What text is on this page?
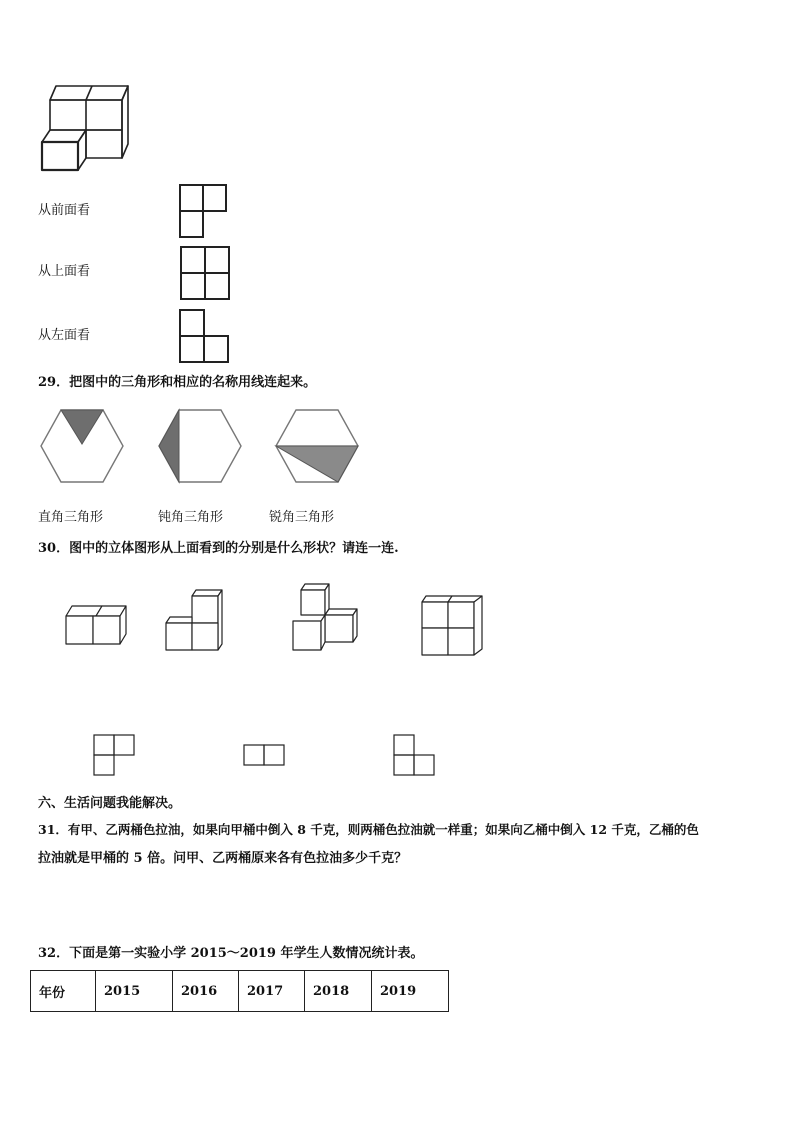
从前面看
从上面看
从左面看
29．把图中的三角形和相应的名称用线连起来。
直角三角形	钝角三角形	锐角三角形
30．图中的立体图形从上面看到的分别是什么形状？请连一连.
六、生活问题我能解决。
31．有甲、乙两桶色拉油，如果向甲桶中倒入 8 千克，则两桶色拉油就一样重；如果向乙桶中倒入 12 千克，乙桶的色
拉油就是甲桶的 5 倍。问甲、乙两桶原来各有色拉油多少千克？
32．下面是第一实验小学 2015～2019 年学生人数情况统计表。
年份	2015	2016	2017	2018	2019
